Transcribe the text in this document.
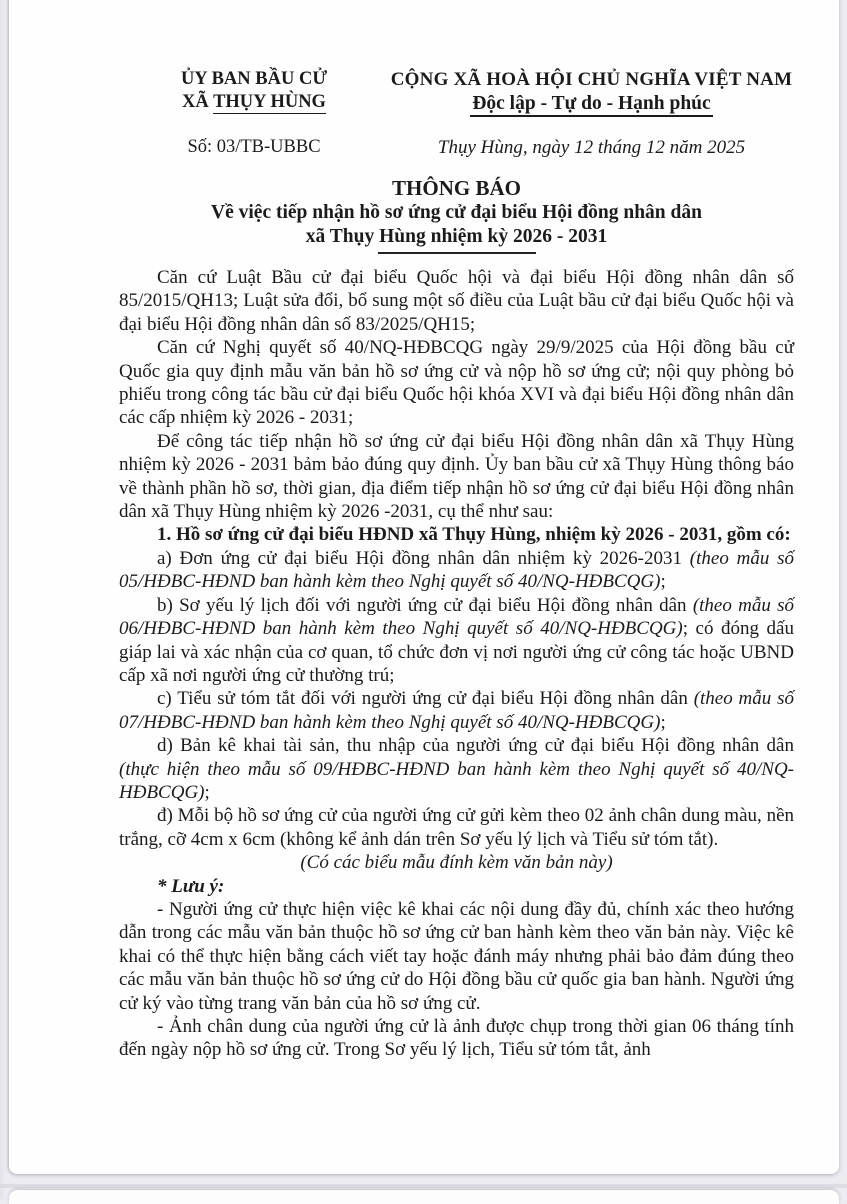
ỦY BAN BẦU CỬ
XÃ THỤY HÙNG
CỘNG XÃ HOÀ HỘI CHỦ NGHĨA VIỆT NAM
Độc lập - Tự do - Hạnh phúc
Số: 03/TB-UBBC	Thụy Hùng, ngày 12 tháng 12 năm 2025
THÔNG BÁO
Về việc tiếp nhận hồ sơ ứng cử đại biểu Hội đồng nhân dân
xã Thụy Hùng nhiệm kỳ 2026 - 2031

Căn cứ Luật Bầu cử đại biểu Quốc hội và đại biểu Hội đồng nhân dân số 85/2015/QH13; Luật sửa đổi, bổ sung một số điều của Luật bầu cử đại biểu Quốc hội và đại biểu Hội đồng nhân dân số 83/2025/QH15;

Căn cứ Nghị quyết số 40/NQ-HĐBCQG ngày 29/9/2025 của Hội đồng bầu cử Quốc gia quy định mẫu văn bản hồ sơ ứng cử và nộp hồ sơ ứng cử; nội quy phòng bỏ phiếu trong công tác bầu cử đại biểu Quốc hội khóa XVI và đại biểu Hội đồng nhân dân các cấp nhiệm kỳ 2026 - 2031;

Để công tác tiếp nhận hồ sơ ứng cử đại biểu Hội đồng nhân dân xã Thụy Hùng nhiệm kỳ 2026 - 2031 bảm bảo đúng quy định. Ủy ban bầu cử xã Thụy Hùng thông báo về thành phần hồ sơ, thời gian, địa điểm tiếp nhận hồ sơ ứng cử đại biểu Hội đồng nhân dân xã Thụy Hùng nhiệm kỳ 2026 -2031, cụ thể như sau:

1. Hồ sơ ứng cử đại biểu HĐND xã Thụy Hùng, nhiệm kỳ 2026 - 2031, gồm có:

a) Đơn ứng cử đại biểu Hội đồng nhân dân nhiệm kỳ 2026-2031 (theo mẫu số 05/HĐBC-HĐND ban hành kèm theo Nghị quyết số 40/NQ-HĐBCQG);

b) Sơ yếu lý lịch đối với người ứng cử đại biểu Hội đồng nhân dân (theo mẫu số 06/HĐBC-HĐND ban hành kèm theo Nghị quyết số 40/NQ-HĐBCQG); có đóng dấu giáp lai và xác nhận của cơ quan, tổ chức đơn vị nơi người ứng cử công tác hoặc UBND cấp xã nơi người ứng cử thường trú;

c) Tiểu sử tóm tắt đối với người ứng cử đại biểu Hội đồng nhân dân (theo mẫu số 07/HĐBC-HĐND ban hành kèm theo Nghị quyết số 40/NQ-HĐBCQG);

d) Bản kê khai tài sản, thu nhập của người ứng cử đại biểu Hội đồng nhân dân (thực hiện theo mẫu số 09/HĐBC-HĐND ban hành kèm theo Nghị quyết số 40/NQ-HĐBCQG);

đ) Mỗi bộ hồ sơ ứng cử của người ứng cử gửi kèm theo 02 ảnh chân dung màu, nền trắng, cỡ 4cm x 6cm (không kể ảnh dán trên Sơ yếu lý lịch và Tiểu sử tóm tắt).

(Có các biểu mẫu đính kèm văn bản này)

* Lưu ý:

- Người ứng cử thực hiện việc kê khai các nội dung đầy đủ, chính xác theo hướng dẫn trong các mẫu văn bản thuộc hồ sơ ứng cử ban hành kèm theo văn bản này. Việc kê khai có thể thực hiện bằng cách viết tay hoặc đánh máy nhưng phải bảo đảm đúng theo các mẫu văn bản thuộc hồ sơ ứng cử do Hội đồng bầu cử quốc gia ban hành. Người ứng cử ký vào từng trang văn bản của hồ sơ ứng cử.

- Ảnh chân dung của người ứng cử là ảnh được chụp trong thời gian 06 tháng tính đến ngày nộp hồ sơ ứng cử. Trong Sơ yếu lý lịch, Tiểu sử tóm tắt, ảnh
